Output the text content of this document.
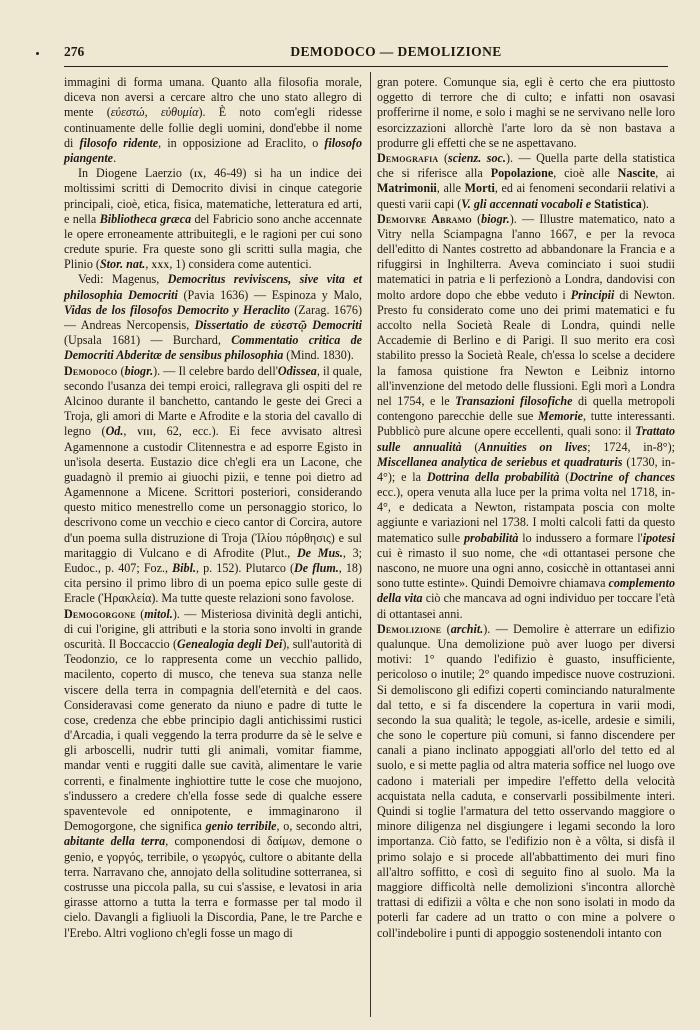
276	DEMODOCO — DEMOLIZIONE

immagini di forma umana. Quanto alla filosofia morale, diceva non aversi a cercare altro che uno stato allegro di mente (εὐεστώ, εὐθυμία). È noto com'egli ridesse continuamente delle follie degli uomini, dond'ebbe il nome di filosofo ridente, in opposizione ad Eraclito, o filosofo piangente.

In Diogene Laerzio (ix, 46-49) si ha un indice dei moltissimi scritti di Democrito divisi in cinque categorie principali, cioè, etica, fisica, matematiche, letteratura ed arti, e nella Bibliotheca græca del Fabricio sono anche accennate le opere erroneamente attribuitegli, e le ragioni per cui sono credute spurie. Fra queste sono gli scritti sulla magia, che Plinio (Stor. nat., xxx, 1) considera come autentici.

Vedi: Magenus, Democritus reviviscens, sive vita et philosophia Democriti (Pavia 1636) — Espinoza y Malo, Vidas de los filosofos Democrito y Heraclito (Zarag. 1676) — Andreas Nercopensis, Dissertatio de εὐεστῷ Democriti (Upsala 1681) — Burchard, Commentatio critica de Democriti Abderitæ de sensibus philosophia (Mind. 1830).

Demodoco (biogr.). — Il celebre bardo dell'Odissea, il quale, secondo l'usanza dei tempi eroici, rallegrava gli ospiti del re Alcinoo durante il banchetto, cantando le geste dei Greci a Troja, gli amori di Marte e Afrodite e la storia del cavallo di legno (Od., viii, 62, ecc.). Ei fece avvisato altresì Agamennone a custodir Clitennestra e ad esporre Egisto in un'isola deserta. Eustazio dice ch'egli era un Lacone, che guadagnò il premio ai giuochi pizii, e tenne poi dietro ad Agamennone a Micene. Scrittori posteriori, considerando questo mitico menestrello come un personaggio storico, lo descrivono come un vecchio e cieco cantor di Corcira, autore d'un poema sulla distruzione di Troja (Ἰλίου πόρθησις) e sul maritaggio di Vulcano e di Afrodite (Plut., De Mus., 3; Eudoc., p. 407; Foz., Bibl., p. 152). Plutarco (De flum., 18) cita persino il primo libro di un poema epico sulle geste di Eracle (Ἡρακλεία). Ma tutte queste relazioni sono favolose.

Demogorgone (mitol.). — Misteriosa divinità degli antichi, di cui l'origine, gli attributi e la storia sono involti in grande oscurità. Il Boccaccio (Genealogia degli Dei), sull'autorità di Teodonzio, ce lo rappresenta come un vecchio pallido, macilento, coperto di musco, che teneva sua stanza nelle viscere della terra in compagnia dell'eternità e del caos. Consideravasi come generato da niuno e padre di tutte le cose, credenza che ebbe principio dagli antichissimi rustici d'Arcadia, i quali veggendo la terra produrre da sè le selve e gli arboscelli, nudrir tutti gli animali, vomitar fiamme, mandar venti e ruggiti dalle sue cavità, alimentare le varie correnti, e finalmente inghiottire tutte le cose che muojono, s'indussero a credere ch'ella fosse sede di qualche essere spaventevole ed onnipotente, e immaginarono il Demogorgone, che significa genio terribile, o, secondo altri, abitante della terra, componendosi di δαίμων, demone o genio, e γοργός, terribile, o γεωργός, cultore o abitante della terra. Narravano che, annojato della solitudine sotterranea, si costrusse una piccola palla, su cui s'assise, e levatosi in aria girasse attorno a tutta la terra e formasse per tal modo il cielo. Davangli a figliuoli la Discordia, Pane, le tre Parche e l'Erebo. Altri vogliono ch'egli fosse un mago di

gran potere. Comunque sia, egli è certo che era piuttosto oggetto di terrore che di culto; e infatti non osavasi profferirne il nome, e solo i maghi se ne servivano nelle loro esorcizzazioni allorchè l'arte loro da sè non bastava a produrre gli effetti che se ne aspettavano.

Demografia (scienz. soc.). — Quella parte della statistica che si riferisce alla Popolazione, cioè alle Nascite, ai Matrimonii, alle Morti, ed ai fenomeni secondarii relativi a questi varii capi (V. gli accennati vocaboli e Statistica).

Demoivre Abramo (biogr.). — Illustre matematico, nato a Vitry nella Sciampagna l'anno 1667, e per la revoca dell'editto di Nantes costretto ad abbandonare la Francia e a rifuggirsi in Inghilterra. Aveva cominciato i suoi studii matematici in patria e li perfezionò a Londra, dandovisi con molto ardore dopo che ebbe veduto i Principii di Newton. Presto fu considerato come uno dei primi matematici e fu accolto nella Società Reale di Londra, quindi nelle Accademie di Berlino e di Parigi. Il suo merito era così stabilito presso la Società Reale, ch'essa lo scelse a decidere la famosa quistione fra Newton e Leibniz intorno all'invenzione del metodo delle flussioni. Egli morì a Londra nel 1754, e le Transazioni filosofiche di quella metropoli contengono parecchie delle sue Memorie, tutte interessanti. Pubblicò pure alcune opere eccellenti, quali sono: il Trattato sulle annualità (Annuities on lives; 1724, in-8°); Miscellanea analytica de seriebus et quadraturis (1730, in-4°); e la Dottrina della probabilità (Doctrine of chances ecc.), opera venuta alla luce per la prima volta nel 1718, in-4°, e dedicata a Newton, ristampata poscia con molte aggiunte e variazioni nel 1738. I molti calcoli fatti da questo matematico sulle probabilità lo indussero a formare l'ipotesi cui è rimasto il suo nome, che «di ottantasei persone che nascono, ne muore una ogni anno, cosicchè in ottantasei anni sono tutte estinte». Quindi Demoivre chiamava complemento della vita ciò che mancava ad ogni individuo per toccare l'età di ottantasei anni.

Demolizione (archit.). — Demolire è atterrare un edifizio qualunque. Una demolizione può aver luogo per diversi motivi: 1° quando l'edifizio è guasto, insufficiente, pericoloso o inutile; 2° quando impedisce nuove costruzioni. Si demoliscono gli edifizi coperti cominciando naturalmente dal tetto, e si fa discendere la copertura in varii modi, secondo la sua qualità; le tegole, as-icelle, ardesie e simili, che sono le coperture più comuni, si fanno discendere per canali a piano inclinato appoggiati all'orlo del tetto ed al suolo, e si mette paglia od altra materia soffice nel luogo ove cadono i materiali per impedire l'effetto della velocità acquistata nella caduta, e conservarli possibilmente interi. Quindi si toglie l'armatura del tetto osservando maggiore o minore diligenza nel disgiungere i legami secondo la loro importanza. Ciò fatto, se l'edifizio non è a vôlta, si disfà il primo solajo e si procede all'abbattimento dei muri fino all'altro soffitto, e così di seguito fino al suolo. Ma la maggiore difficoltà nelle demolizioni s'incontra allorchè trattasi di edifizii a vôlta e che non sono isolati in modo da poterli far cadere ad un tratto o con mine a polvere o coll'indebolire i punti di appoggio sostenendoli intanto con
